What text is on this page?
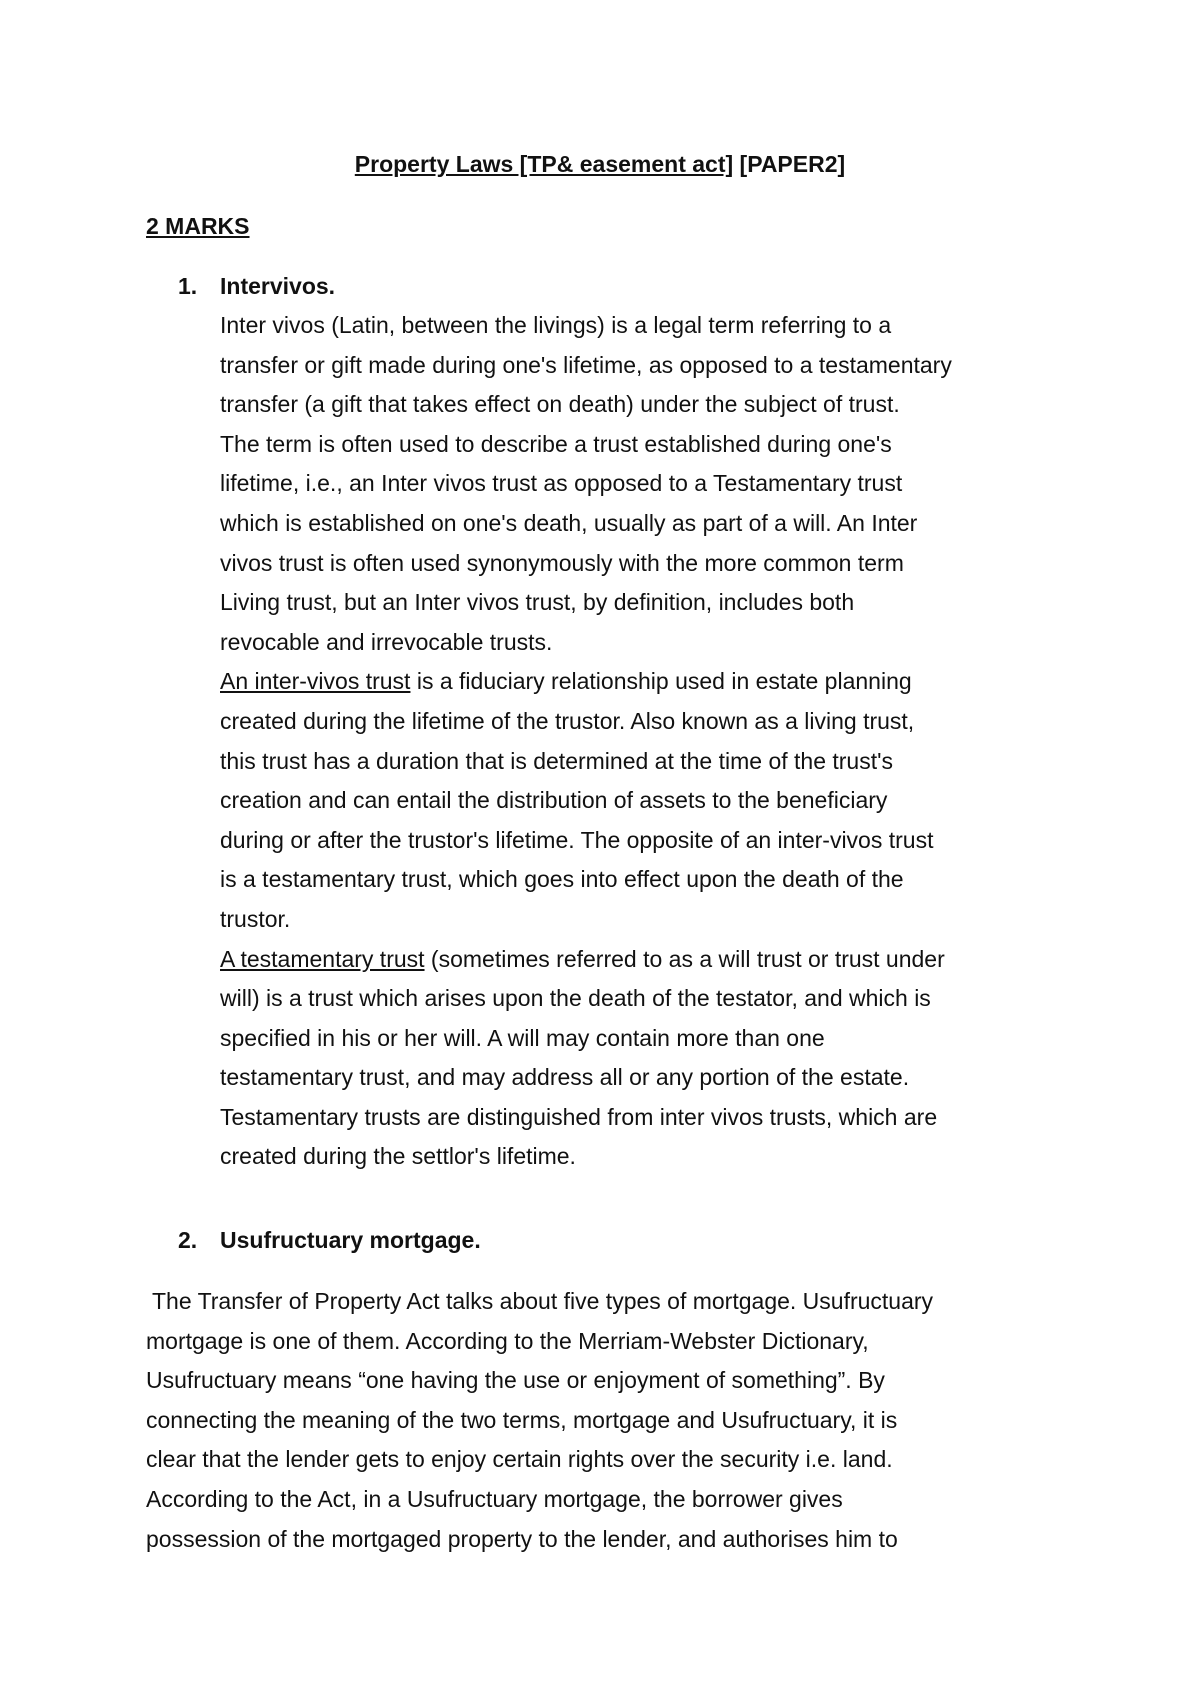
Property Laws [TP& easement act] [PAPER2]
2 MARKS
1. Intervivos.
Inter vivos (Latin, between the livings) is a legal term referring to a
transfer or gift made during one's lifetime, as opposed to a testamentary
transfer (a gift that takes effect on death) under the subject of trust.
The term is often used to describe a trust established during one's
lifetime, i.e., an Inter vivos trust as opposed to a Testamentary trust
which is established on one's death, usually as part of a will. An Inter
vivos trust is often used synonymously with the more common term
Living trust, but an Inter vivos trust, by definition, includes both
revocable and irrevocable trusts.
An inter-vivos trust is a fiduciary relationship used in estate planning
created during the lifetime of the trustor. Also known as a living trust,
this trust has a duration that is determined at the time of the trust's
creation and can entail the distribution of assets to the beneficiary
during or after the trustor's lifetime. The opposite of an inter-vivos trust
is a testamentary trust, which goes into effect upon the death of the
trustor.
A testamentary trust (sometimes referred to as a will trust or trust under
will) is a trust which arises upon the death of the testator, and which is
specified in his or her will. A will may contain more than one
testamentary trust, and may address all or any portion of the estate.
Testamentary trusts are distinguished from inter vivos trusts, which are
created during the settlor's lifetime.
2. Usufructuary mortgage.
The Transfer of Property Act talks about five types of mortgage. Usufructuary
mortgage is one of them. According to the Merriam-Webster Dictionary,
Usufructuary means “one having the use or enjoyment of something”. By
connecting the meaning of the two terms, mortgage and Usufructuary, it is
clear that the lender gets to enjoy certain rights over the security i.e. land.
According to the Act, in a Usufructuary mortgage, the borrower gives
possession of the mortgaged property to the lender, and authorises him to
